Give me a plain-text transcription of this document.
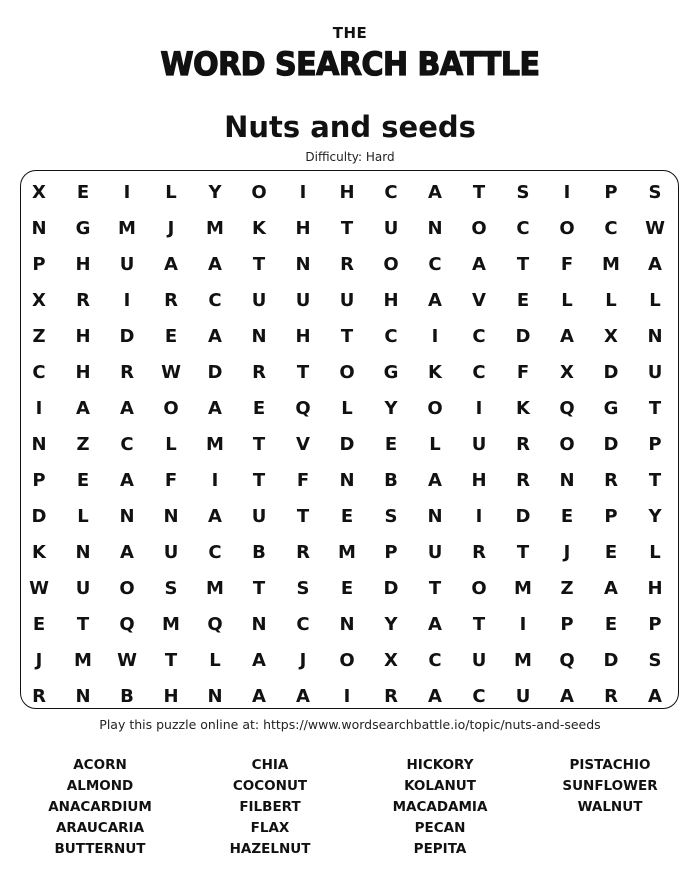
THE
WORD SEARCH BATTLE
Nuts and seeds
Difficulty: Hard
X	E	I	L	Y	O	I	H	C	A	T	S	I	P	S
N	G	M	J	M	K	H	T	U	N	O	C	O	C	W
P	H	U	A	A	T	N	R	O	C	A	T	F	M	A
X	R	I	R	C	U	U	U	H	A	V	E	L	L	L
Z	H	D	E	A	N	H	T	C	I	C	D	A	X	N
C	H	R	W	D	R	T	O	G	K	C	F	X	D	U
I	A	A	O	A	E	Q	L	Y	O	I	K	Q	G	T
N	Z	C	L	M	T	V	D	E	L	U	R	O	D	P
P	E	A	F	I	T	F	N	B	A	H	R	N	R	T
D	L	N	N	A	U	T	E	S	N	I	D	E	P	Y
K	N	A	U	C	B	R	M	P	U	R	T	J	E	L
W	U	O	S	M	T	S	E	D	T	O	M	Z	A	H
E	T	Q	M	Q	N	C	N	Y	A	T	I	P	E	P
J	M	W	T	L	A	J	O	X	C	U	M	Q	D	S
R	N	B	H	N	A	A	I	R	A	C	U	A	R	A
Play this puzzle online at: https://www.wordsearchbattle.io/topic/nuts-and-seeds
ACORN
ALMOND
ANACARDIUM
ARAUCARIA
BUTTERNUT
CHIA
COCONUT
FILBERT
FLAX
HAZELNUT
HICKORY
KOLANUT
MACADAMIA
PECAN
PEPITA
PISTACHIO
SUNFLOWER
WALNUT
